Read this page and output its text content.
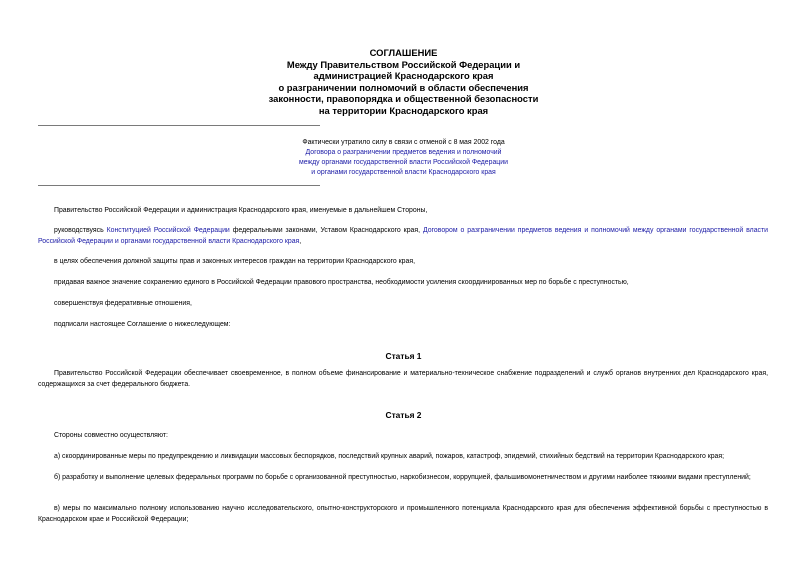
СОГЛАШЕНИЕ
Между Правительством Российской Федерации и
администрацией Краснодарского края
о разграничении полномочий в области обеспечения
законности, правопорядка и общественной безопасности
на территории Краснодарского края
Фактически утратило силу в связи с отменой с 8 мая 2002 года
Договора о разграничении предметов ведения и полномочий
между органами государственной власти Российской Федерации
и органами государственной власти Краснодарского края
Правительство Российской Федерации и администрация Краснодарского края, именуемые в дальнейшем Стороны,
руководствуясь Конституцией Российской Федерации федеральными законами, Уставом Краснодарского края, Договором о разграничении предметов ведения и полномочий между органами государственной власти Российской Федерации и органами государственной власти Краснодарского края,
в целях обеспечения должной защиты прав и законных интересов граждан на территории Краснодарского края,
придавая важное значение сохранению единого в Российской Федерации правового пространства, необходимости усиления скоординированных мер по борьбе с преступностью,
совершенствуя федеративные отношения,
подписали настоящее Соглашение о нижеследующем:
Статья 1
Правительство Российской Федерации обеспечивает своевременное, в полном объеме финансирование и материально-техническое снабжение подразделений и служб органов внутренних дел Краснодарского края, содержащихся за счет федерального бюджета.
Статья 2
Стороны совместно осуществляют:
а) скоординированные меры по предупреждению и ликвидации массовых беспорядков, последствий крупных аварий, пожаров, катастроф, эпидемий, стихийных бедствий на территории Краснодарского края;
б) разработку и выполнение целевых федеральных программ по борьбе с организованной преступностью, наркобизнесом, коррупцией, фальшивомонетничеством и другими наиболее тяжкими видами преступлений;
в) меры по максимально полному использованию научно исследовательского, опытно-конструкторского и промышленного потенциала Краснодарского края для обеспечения эффективной борьбы с преступностью в Краснодарском крае и Российской Федерации;
